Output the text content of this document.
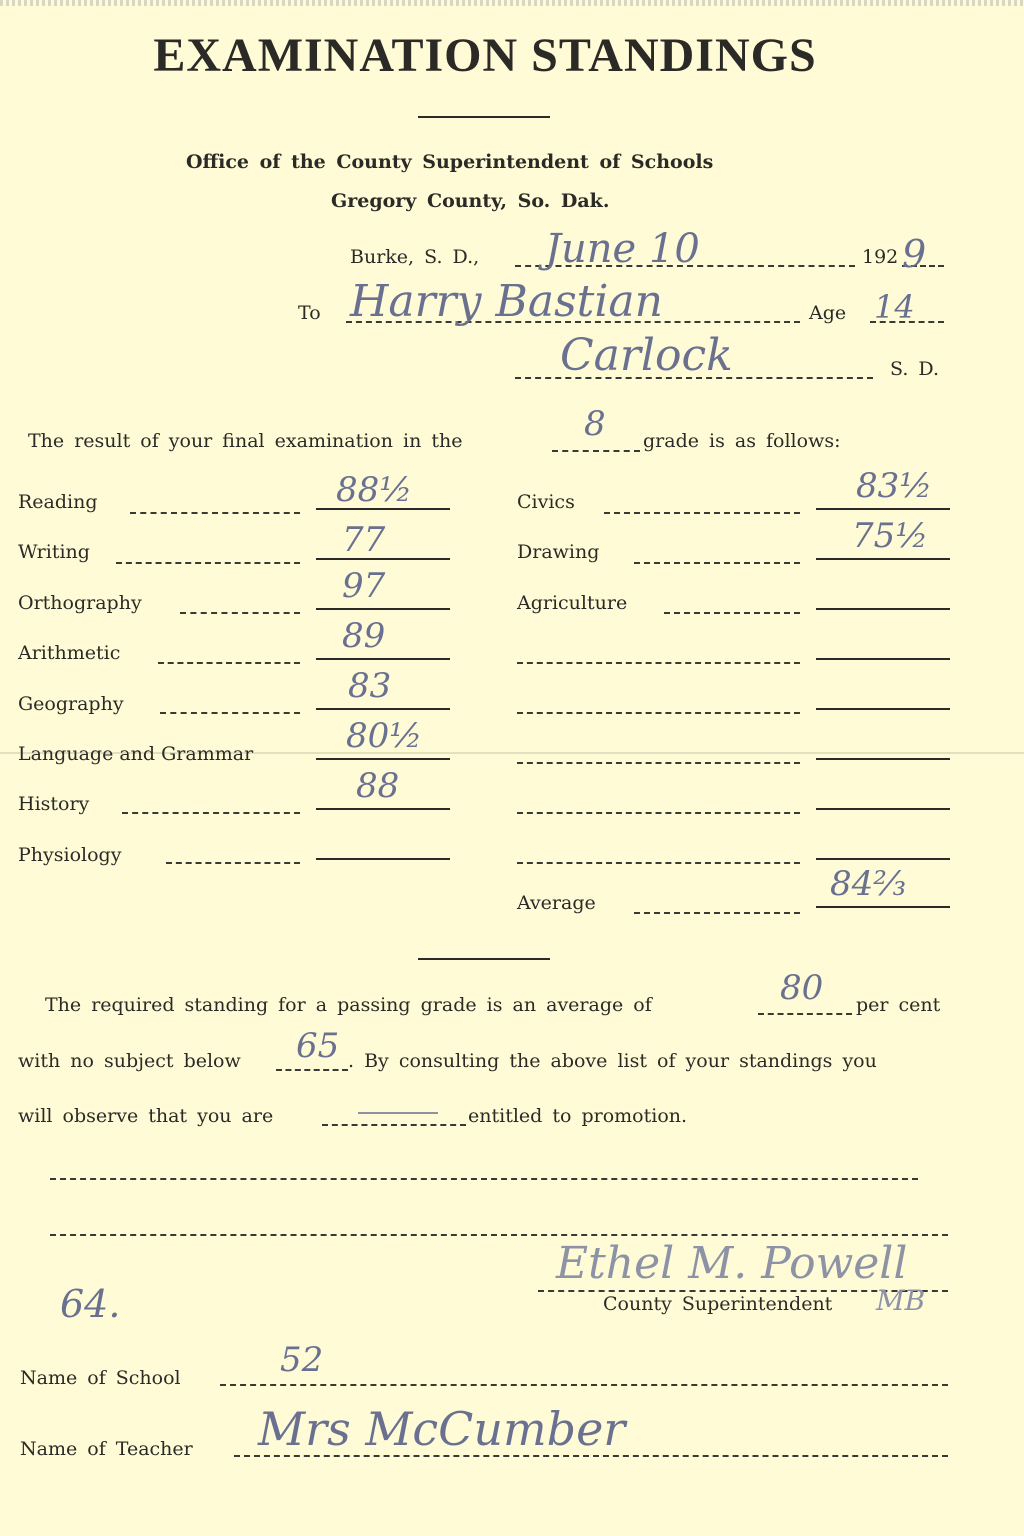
EXAMINATION STANDINGS
Office of the County Superintendent of Schools
Gregory County, So. Dak.
Burke, S. D., June 10	192 9
To Harry Bastian	Age 14
Carlock	S. D.
The result of your final examination in the	8 grade is as follows:
Reading	88½
Writing	77
Orthography	97
Arithmetic	89
Geography	83
Language and Grammar	80½
History	88
Physiology
Civics	83½
Drawing	75½
Agriculture
Average	84⅔
The required standing for a passing grade is an average of	80 per cent
with no subject below 65 . By consulting the above list of your standings you
will observe that you are	entitled to promotion.
64.
Ethel M. Powell
County Superintendent MB
Name of School	52
Name of Teacher Mrs McCumber
